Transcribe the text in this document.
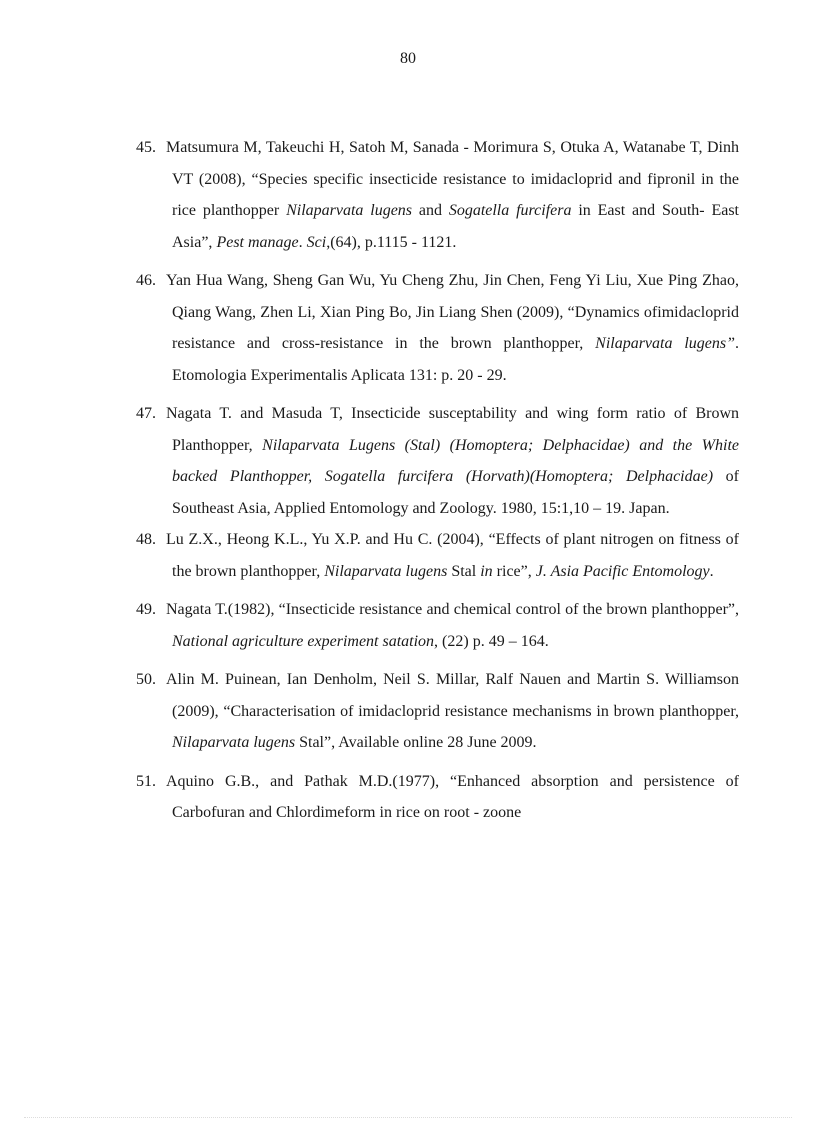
80
45. Matsumura M, Takeuchi H, Satoh M, Sanada - Morimura S, Otuka A, Watanabe T, Dinh VT (2008), “Species specific insecticide resistance to imidacloprid and fipronil in the rice planthopper Nilaparvata lugens and Sogatella furcifera in East and South- East Asia”, Pest manage. Sci,(64), p.1115 - 1121.
46. Yan Hua Wang, Sheng Gan Wu, Yu Cheng Zhu, Jin Chen, Feng Yi Liu, Xue Ping Zhao, Qiang Wang, Zhen Li, Xian Ping Bo, Jin Liang Shen (2009), “Dynamics ofimidacloprid resistance and cross-resistance in the brown planthopper, Nilaparvata lugens”. Etomologia Experimentalis Aplicata 131: p. 20 - 29.
47. Nagata T. and Masuda T, Insecticide susceptability and wing form ratio of Brown Planthopper, Nilaparvata Lugens (Stal) (Homoptera; Delphacidae) and the White backed Planthopper, Sogatella furcifera (Horvath)(Homoptera; Delphacidae) of Southeast Asia, Applied Entomology and Zoology. 1980, 15:1,10 – 19. Japan.
48. Lu Z.X., Heong K.L., Yu X.P. and Hu C. (2004), “Effects of plant nitrogen on fitness of the brown planthopper, Nilaparvata lugens Stal in rice”, J. Asia Pacific Entomology.
49. Nagata T.(1982), “Insecticide resistance and chemical control of the brown planthopper”, National agriculture experiment satation, (22) p. 49 – 164.
50. Alin M. Puinean, Ian Denholm, Neil S. Millar, Ralf Nauen and Martin S. Williamson (2009), “Characterisation of imidacloprid resistance mechanisms in brown planthopper, Nilaparvata lugens Stal”, Available online 28 June 2009.
51. Aquino G.B., and Pathak M.D.(1977), “Enhanced absorption and persistence of Carbofuran and Chlordimeform in rice on root - zoone
